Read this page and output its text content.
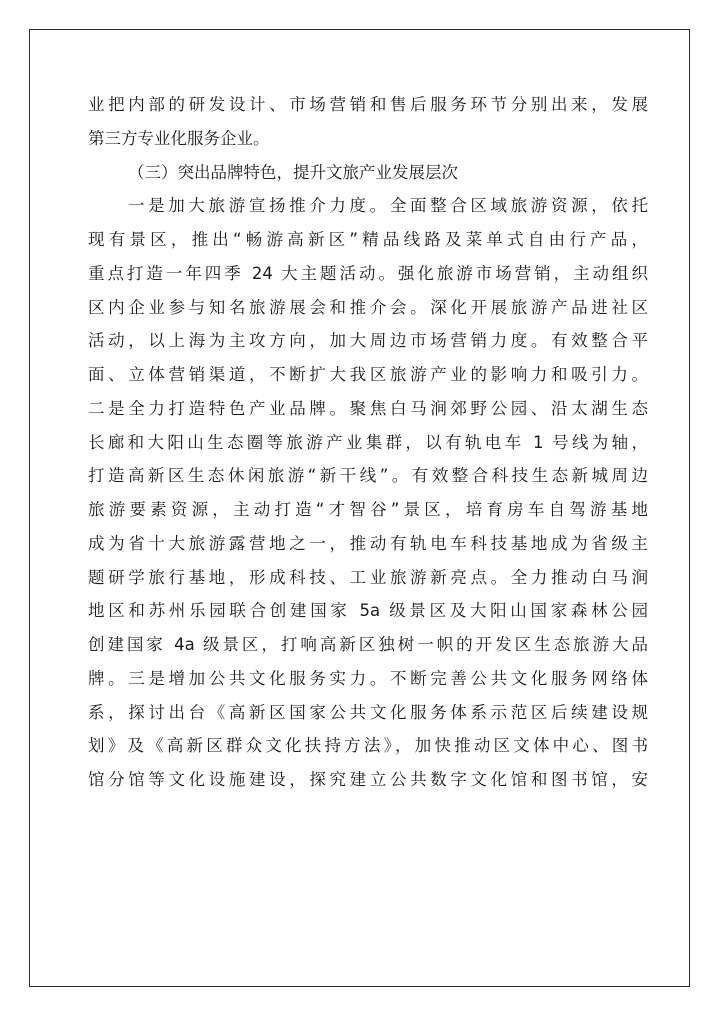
业把内部的研发设计、市场营销和售后服务环节分别出来，发展
第三方专业化服务企业。
（三）突出品牌特色，提升文旅产业发展层次
一是加大旅游宣扬推介力度。全面整合区域旅游资源，依托
现有景区，推出“畅游高新区”精品线路及菜单式自由行产品，
重点打造一年四季 24 大主题活动。强化旅游市场营销，主动组织
区内企业参与知名旅游展会和推介会。深化开展旅游产品进社区
活动，以上海为主攻方向，加大周边市场营销力度。有效整合平
面、立体营销渠道，不断扩大我区旅游产业的影响力和吸引力。
二是全力打造特色产业品牌。聚焦白马涧郊野公园、沿太湖生态
长廊和大阳山生态圈等旅游产业集群，以有轨电车 1 号线为轴，
打造高新区生态休闲旅游“新干线”。有效整合科技生态新城周边
旅游要素资源，主动打造“才智谷”景区，培育房车自驾游基地
成为省十大旅游露营地之一，推动有轨电车科技基地成为省级主
题研学旅行基地，形成科技、工业旅游新亮点。全力推动白马涧
地区和苏州乐园联合创建国家 5a 级景区及大阳山国家森林公园
创建国家 4a 级景区，打响高新区独树一帜的开发区生态旅游大品
牌。三是增加公共文化服务实力。不断完善公共文化服务网络体
系，探讨出台《高新区国家公共文化服务体系示范区后续建设规
划》及《高新区群众文化扶持方法》，加快推动区文体中心、图书
馆分馆等文化设施建设，探究建立公共数字文化馆和图书馆，安
